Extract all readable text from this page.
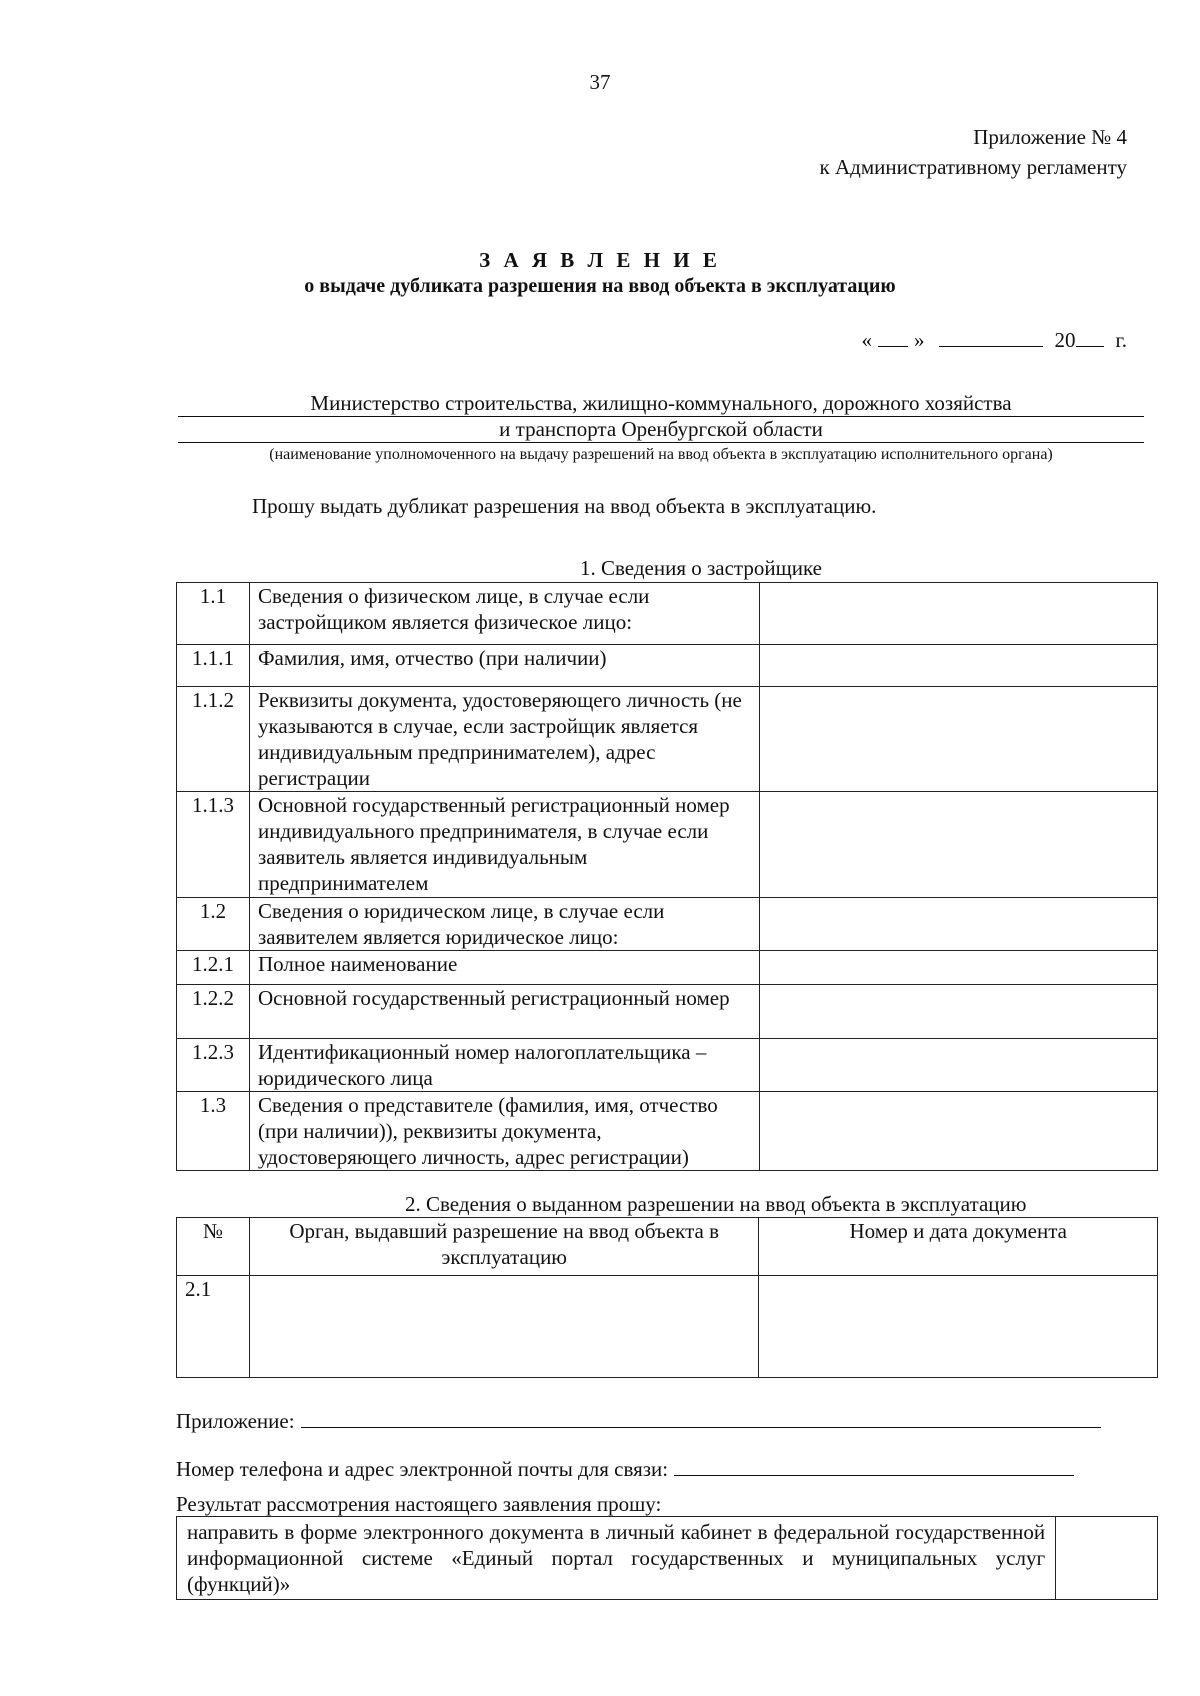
37
Приложение № 4
к Административному регламенту
З А Я В Л Е Н И Е
о выдаче дубликата разрешения на ввод объекта в эксплуатацию
« »	20 г.
Министерство строительства, жилищно-коммунального, дорожного хозяйства
и транспорта Оренбургской области
(наименование уполномоченного на выдачу разрешений на ввод объекта в эксплуатацию исполнительного органа)
Прошу выдать дубликат разрешения на ввод объекта в эксплуатацию.
1. Сведения о застройщике
1.1	Сведения о физическом лице, в случае если застройщиком является физическое лицо:	
1.1.1	Фамилия, имя, отчество (при наличии)	
1.1.2	Реквизиты документа, удостоверяющего личность (не указываются в случае, если застройщик является индивидуальным предпринимателем), адрес регистрации	
1.1.3	Основной государственный регистрационный номер индивидуального предпринимателя, в случае если заявитель является индивидуальным предпринимателем	
1.2	Сведения о юридическом лице, в случае если заявителем является юридическое лицо:	
1.2.1	Полное наименование	
1.2.2	Основной государственный регистрационный номер	
1.2.3	Идентификационный номер налогоплательщика – юридического лица	
1.3	Сведения о представителе (фамилия, имя, отчество (при наличии)), реквизиты документа, удостоверяющего личность, адрес регистрации)	
2. Сведения о выданном разрешении на ввод объекта в эксплуатацию
№	Орган, выдавший разрешение на ввод объекта в эксплуатацию	Номер и дата документа
2.1		
Приложение:
Номер телефона и адрес электронной почты для связи:
Результат рассмотрения настоящего заявления прошу:
направить в форме электронного документа в личный кабинет в федеральной государственной информационной системе «Единый портал государственных и муниципальных услуг (функций)»	
